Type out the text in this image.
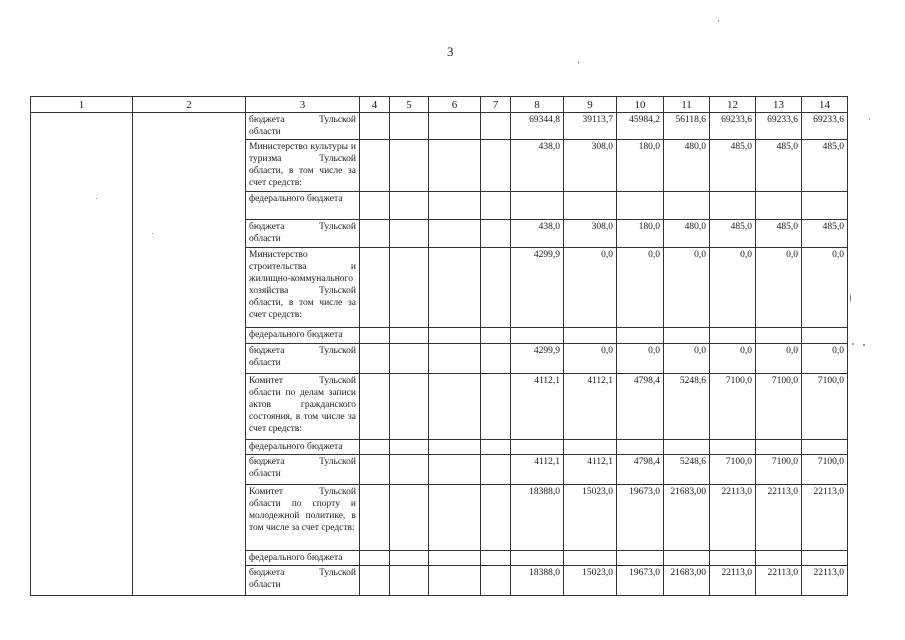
3
1	2	3	4	5	6	7	8	9	10	11	12	13	14
		бюджета Тульской области					69344,8	39113,7	45984,2	56118,6	69233,6	69233,6	69233,6
		Министерство культуры и туризма Тульской области, в том числе за счет средств:					438,0	308,0	180,0	480,0	485,0	485,0	485,0
		федерального бюджета											
		бюджета Тульской области					438,0	308,0	180,0	480,0	485,0	485,0	485,0
		Министерство строительства и жилищно-коммунального хозяйства Тульской области, в том числе за счет средств:					4299,9	0,0	0,0	0,0	0,0	0,0	0,0
		федерального бюджета											
		бюджета Тульской области					4299,9	0,0	0,0	0,0	0,0	0,0	0,0
		Комитет Тульской области по делам записи актов гражданского состояния, в том числе за счет средств:					4112,1	4112,1	4798,4	5248,6	7100,0	7100,0	7100,0
		федерального бюджета											
		бюджета Тульской области					4112,1	4112,1	4798,4	5248,6	7100,0	7100,0	7100,0
		Комитет Тульской области по спорту и молодежной политике, в том числе за счет средств:					18388,0	15023,0	19673,0	21683,00	22113,0	22113,0	22113,0
		федерального бюджета											
		бюджета Тульской области					18388,0	15023,0	19673,0	21683,00	22113,0	22113,0	22113,0
